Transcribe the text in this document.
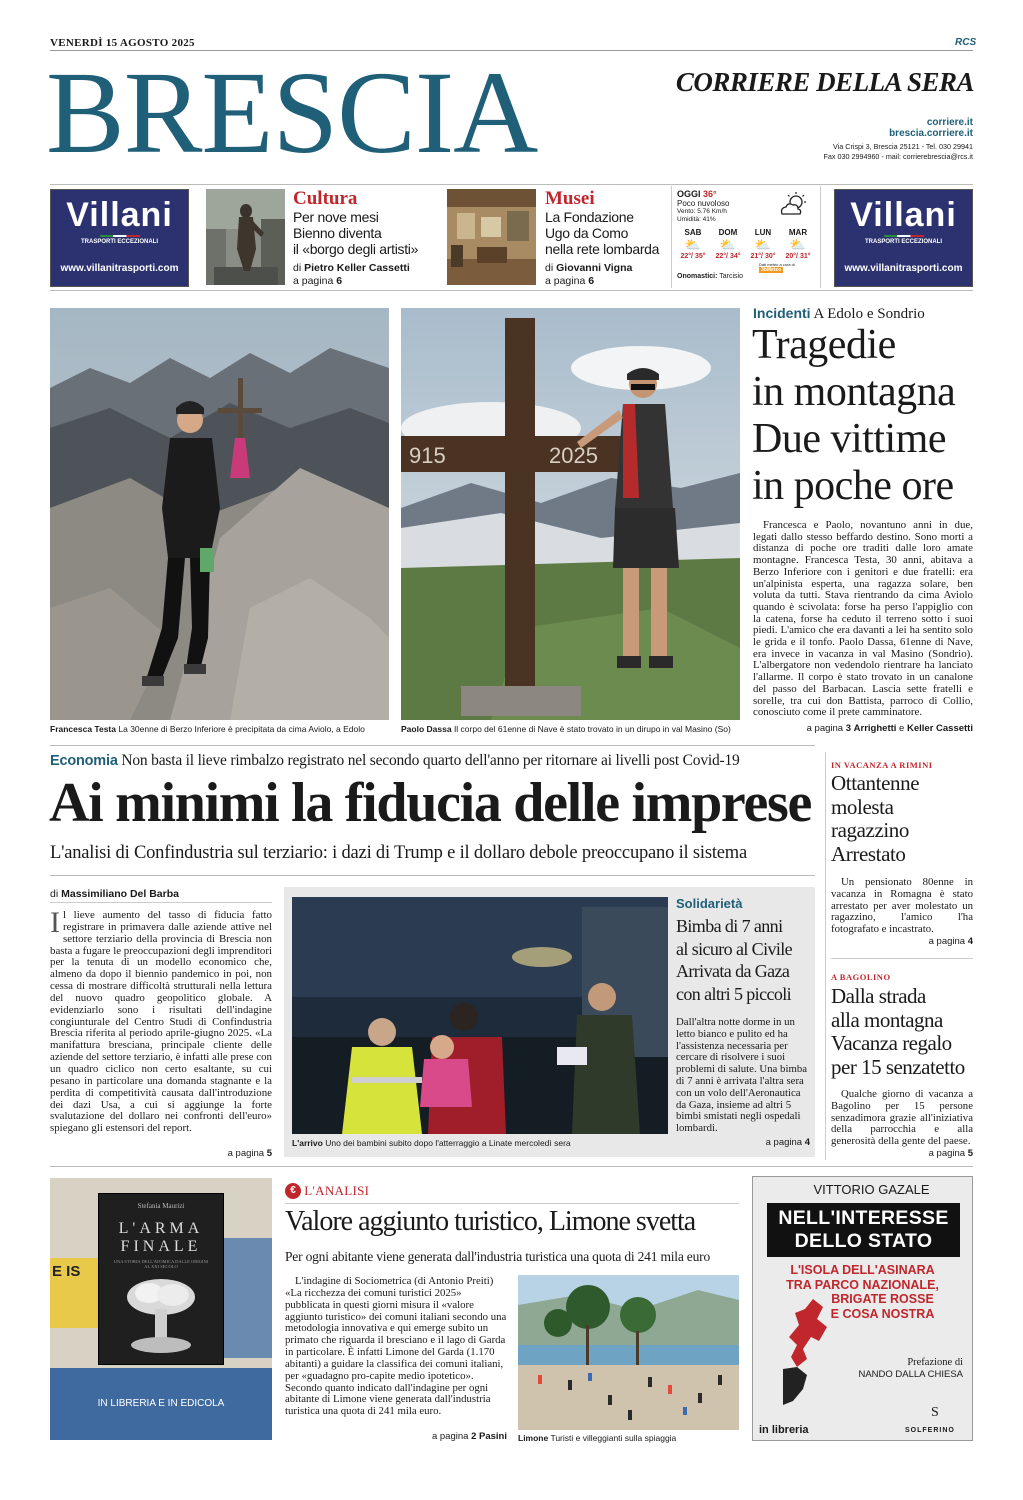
VENERDÌ 15 AGOSTO 2025	RCS
BRESCIA	CORRIERE DELLA SERA
corriere.it
brescia.corriere.it
Via Crispi 3, Brescia 25121 - Tel. 030 29941
Fax 030 2994960 - mail: corrierebrescia@rcs.it
Villani
TRASPORTI ECCEZIONALI
www.villanitrasporti.com
Cultura
Per nove mesi
Bienno diventa
il «borgo degli artisti»
di Pietro Keller Cassetti
a pagina 6
Musei
La Fondazione
Ugo da Como
nella rete lombarda
di Giovanni Vigna
a pagina 6
OGGI 36°
Poco nuvoloso
Vento: 5.76 Km/h
Umidità: 41%
SAB
⛅
22°/ 35°
DOM
⛅
22°/ 34°
LUN
⛅
21°/ 30°
MAR
⛅
20°/ 31°
Onomastici: Tarcisio
Dati meteo a cura di 3bMeteo
Villani
TRASPORTI ECCEZIONALI
www.villanitrasporti.com
915	2025
Francesca Testa La 30enne di Berzo Inferiore è precipitata da cima Aviolo, a Edolo	Paolo Dassa Il corpo del 61enne di Nave è stato trovato in un dirupo in val Masino (So)
Incidenti A Edolo e Sondrio
Tragedie
in montagna
Due vittime
in poche ore
Francesca e Paolo, novantuno anni in due, legati dallo stesso beffardo destino. Sono morti a distanza di poche ore traditi dalle loro amate montagne. Francesca Testa, 30 anni, abitava a Berzo Inferiore con i genitori e due fratelli: era un'alpinista esperta, una ragazza solare, ben voluta da tutti. Stava rientrando da cima Aviolo quando è scivolata: forse ha perso l'appiglio con la catena, forse ha ceduto il terreno sotto i suoi piedi. L'amico che era davanti a lei ha sentito solo le grida e il tonfo. Paolo Dassa, 61enne di Nave, era invece in vacanza in val Masino (Sondrio). L'albergatore non vedendolo rientrare ha lanciato l'allarme. Il corpo è stato trovato in un canalone del passo del Barbacan. Lascia sette fratelli e sorelle, tra cui don Battista, parroco di Collio, conosciuto come il prete camminatore.
a pagina 3 Arrighetti e Keller Cassetti
Economia Non basta il lieve rimbalzo registrato nel secondo quarto dell'anno per ritornare ai livelli post Covid-19
Ai minimi la fiducia delle imprese
L'analisi di Confindustria sul terziario: i dazi di Trump e il dollaro debole preoccupano il sistema
di Massimiliano Del Barba
I l lieve aumento del tasso di fiducia fatto registrare in primavera dalle aziende attive nel settore terziario della provincia di Brescia non basta a fugare le preoccupazioni degli imprenditori per la tenuta di un modello economico che, almeno da dopo il biennio pandemico in poi, non cessa di mostrare difficoltà strutturali nella lettura del nuovo quadro geopolitico globale. A evidenziarlo sono i risultati dell'indagine congiunturale del Centro Studi di Confindustria Brescia riferita al periodo aprile-giugno 2025. «La manifattura bresciana, principale cliente delle aziende del settore terziario, è infatti alle prese con un quadro ciclico non certo esaltante, su cui pesano in particolare una domanda stagnante e la perdita di competitività causata dall'introduzione dei dazi Usa, a cui si aggiunge la forte svalutazione del dollaro nei confronti dell'euro» spiegano gli estensori del report.
a pagina 5
L'arrivo Uno dei bambini subito dopo l'atterraggio a Linate mercoledì sera
Solidarietà
Bimba di 7 anni
al sicuro al Civile
Arrivata da Gaza
con altri 5 piccoli
Dall'altra notte dorme in un letto bianco e pulito ed ha l'assistenza necessaria per cercare di risolvere i suoi problemi di salute. Una bimba di 7 anni è arrivata l'altra sera con un volo dell'Aeronautica da Gaza, insieme ad altri 5 bimbi smistati negli ospedali lombardi.
a pagina 4
IN VACANZA A RIMINI
Ottantenne
molesta
ragazzino
Arrestato
Un pensionato 80enne in vacanza in Romagna è stato arrestato per aver molestato un ragazzino, l'amico l'ha fotografato e incastrato.
a pagina 4
A BAGOLINO
Dalla strada
alla montagna
Vacanza regalo
per 15 senzatetto
Qualche giorno di vacanza a Bagolino per 15 persone senzadimora grazie all'iniziativa della parrocchia e alla generosità della gente del paese.
a pagina 5
E IS
Stefania Maurizi
L'ARMA
FINALE
UNA STORIA DELL'ATOMICA DALLE ORIGINI AL XXI SECOLO
IN LIBRERIA E IN EDICOLA
€ L'ANALISI
Valore aggiunto turistico, Limone svetta
Per ogni abitante viene generata dall'industria turistica una quota di 241 mila euro
L'indagine di Sociometrica (di Antonio Preiti) «La ricchezza dei comuni turistici 2025» pubblicata in questi giorni misura il «valore aggiunto turistico» dei comuni italiani secondo una metodologia innovativa e qui emerge subito un primato che riguarda il bresciano e il lago di Garda in particolare. È infatti Limone del Garda (1.170 abitanti) a guidare la classifica dei comuni italiani, per «guadagno pro-capite medio ipotetico». Secondo quanto indicato dall'indagine per ogni abitante di Limone viene generata dall'industria turistica una quota di 241 mila euro.
a pagina 2 Pasini Limone Turisti e villeggianti sulla spiaggia
VITTORIO GAZALE
NELL'INTERESSE
DELLO STATO
L'ISOLA DELL'ASINARA
TRA PARCO NAZIONALE,
BRIGATE ROSSE
E COSA NOSTRA
Prefazione di
NANDO DALLA CHIESA
in libreria
S
SOLFERINO
